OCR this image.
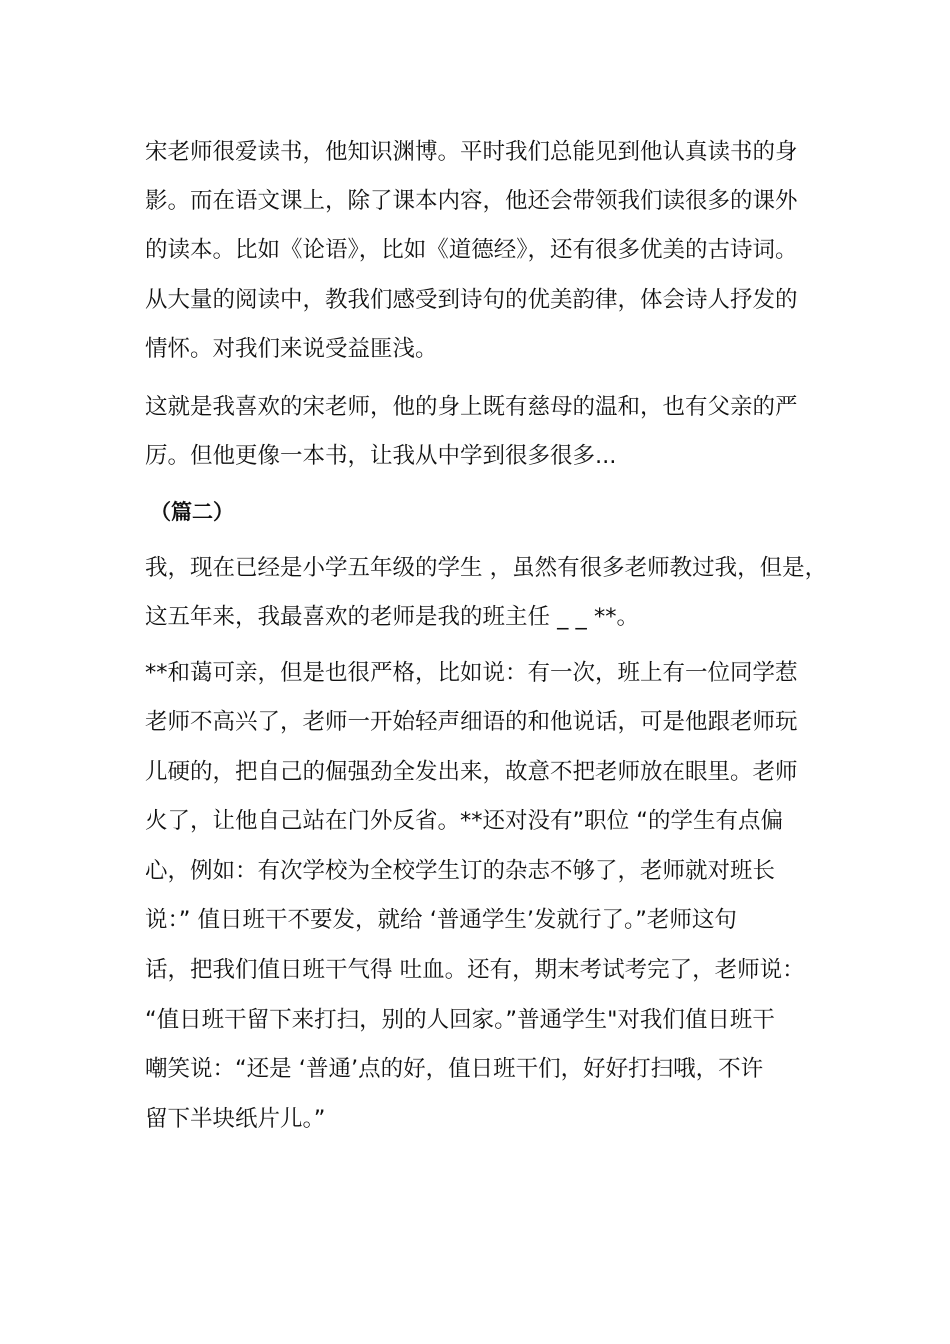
宋老师很爱读书，他知识渊博。平时我们总能见到他认真读书的身
影。而在语文课上，除了课本内容，他还会带领我们读很多的课外
的读本。比如《论语》，比如《道德经》，还有很多优美的古诗词。
从大量的阅读中，教我们感受到诗句的优美韵律，体会诗人抒发的
情怀。对我们来说受益匪浅。
这就是我喜欢的宋老师，他的身上既有慈母的温和，也有父亲的严
厉。但他更像一本书，让我从中学到很多很多...
（篇二）
我，现在已经是小学五年级的学生 ，虽然有很多老师教过我，但是，
这五年来，我最喜欢的老师是我的班主任 _ _ **。
**和蔼可亲，但是也很严格，比如说：有一次，班上有一位同学惹
老师不高兴了，老师一开始轻声细语的和他说话，可是他跟老师玩
儿硬的，把自己的倔强劲全发出来，故意不把老师放在眼里。老师
火了，让他自己站在门外反省。**还对没有”职位 “的学生有点偏
心，例如：有次学校为全校学生订的杂志不够了，老师就对班长
说：” 值日班干不要发，就给 ‘普通学生’发就行了。”老师这句
话，把我们值日班干气得 吐血。还有，期末考试考完了，老师说：
“值日班干留下来打扫，别的人回家。”普通学生"对我们值日班干
嘲笑说：“还是 ‘普通’点的好，值日班干们，好好打扫哦，不许
留下半块纸片儿。”
